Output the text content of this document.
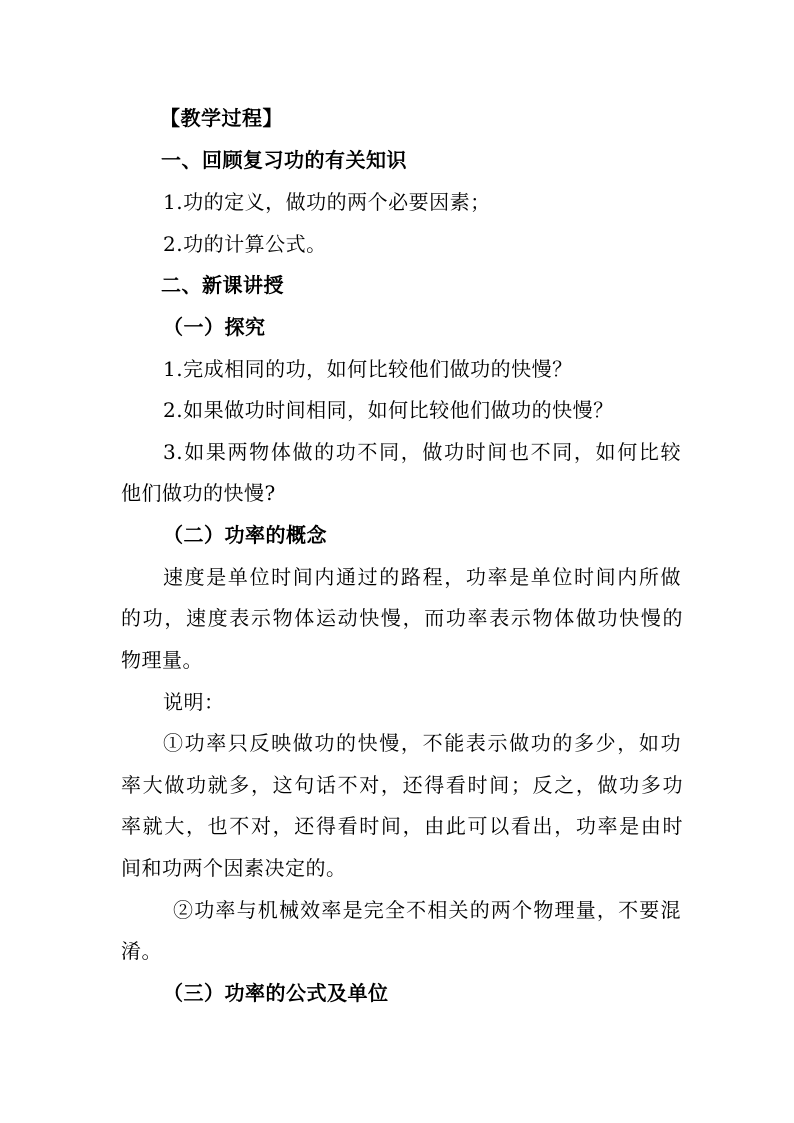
【教学过程】
一、回顾复习功的有关知识
1.功的定义，做功的两个必要因素；
2.功的计算公式。
二、新课讲授
（一）探究
1.完成相同的功，如何比较他们做功的快慢？
2.如果做功时间相同，如何比较他们做功的快慢？
3.如果两物体做的功不同，做功时间也不同，如何比较
他们做功的快慢?
（二）功率的概念
速度是单位时间内通过的路程，功率是单位时间内所做
的功，速度表示物体运动快慢，而功率表示物体做功快慢的
物理量。
说明：
①功率只反映做功的快慢，不能表示做功的多少，如功
率大做功就多，这句话不对，还得看时间；反之，做功多功
率就大，也不对，还得看时间，由此可以看出，功率是由时
间和功两个因素决定的。
②功率与机械效率是完全不相关的两个物理量，不要混
淆。
（三）功率的公式及单位
